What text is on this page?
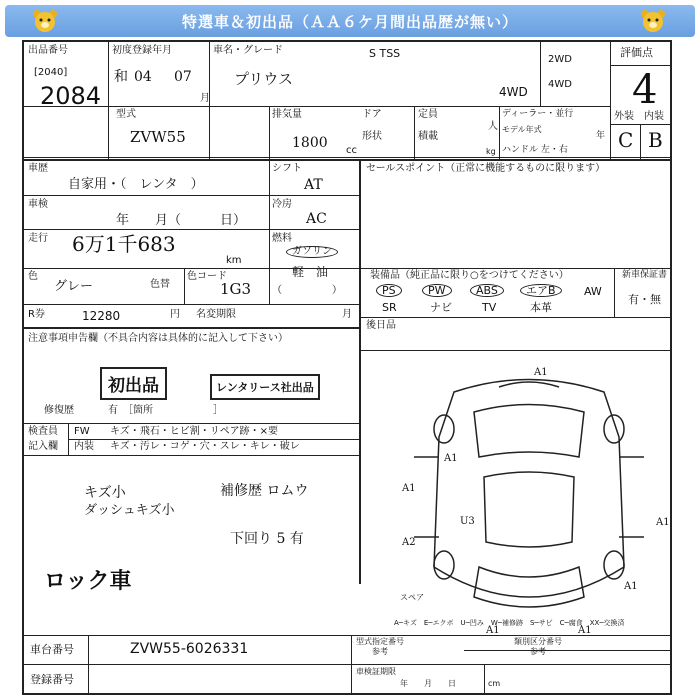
特選車＆初出品（ＡＡ６ケ月間出品歴が無い）
出品番号
[2040]
2084
初度登録年月
和 04 07
月
車名・グレード
プリウス
S TSS
4WD
2WD
4WD
評価点
4
外装 内装
C B
型式
ZVW55
排気量
1800 cc
ドア
形状
定員
人
積載
kg
ディーラー・並行
モデル年式
年
ハンドル 左・右
車歴
自家用・（　レンタ　）
シフト
AT
車検
年　　月（　　　日）
冷房
AC
走行 6万1千683
km
燃料
ガソリン
軽　油
（　　　　　）
色
グレー	色替
色コード
1G3
R券	12280	円 名変期限	月
注意事項申告欄（不具合内容は具体的に記入して下さい）
初出品	レンタリース社出品
修復歴	有　［箇所　　　　　　］
検査員
記入欄
FW キズ・飛石・ヒビ割・リペア跡・×要
内装 キズ・汚レ・コゲ・穴・スレ・キレ・破レ
キズ小
ダッシュキズ小
補修歴 ロムウ
下回り 5 有
ロック車
セールスポイント（正常に機能するものに限ります）
装備品（純正品に限り○をつけてください）
PS	PW	ABS	エアB	AW
SR	ナビ	TV	本革
新車保証書
有・無
後日品
A1
A1
A1
A1
A2
A1
U3
A1	A1
スペア
A─キズ　E─エクボ　U─凹み　W─補修跡　S─サビ　C─腐食　XX─交換済
車台番号	ZVW55-6026331
登録番号
型式指定番号
参考
類別区分番号
参考
車検証期限
年　　月　　日	cm
